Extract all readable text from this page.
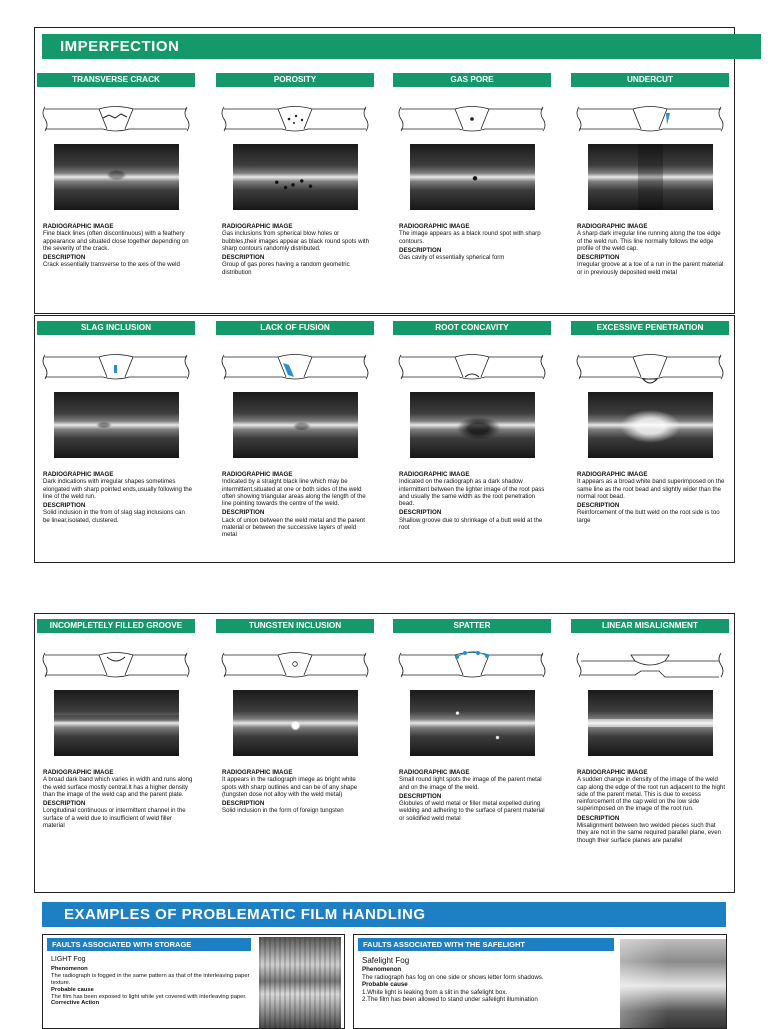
IMPERFECTION
TRANSVERSE CRACK

RADIOGRAPHIC IMAGE

Fine black lines (often discontinuous) with a feathery appearance and situated close together depending on the severity of the crack.

DESCRIPTION

Crack essentially transverse to the axis of the weld

POROSITY

RADIOGRAPHIC IMAGE

Gas inclusions from spherical blow holes or bubbles,their images appear as black round spots with sharp contours randomly distributed.

DESCRIPTION

Group of gas pores having a random geometric distribution

GAS PORE

RADIOGRAPHIC IMAGE

The image appears as a black round spot with sharp contours.

DESCRIPTION

Gas cavity of essentially spherical form

UNDERCUT

RADIOGRAPHIC IMAGE

A sharp dark irregular line running along the toe edge of the weld run. This line normally follows the edge profile of the weld cap.

DESCRIPTION

Irregular groove at a toe of a run in the parent material or in previously deposited weld metal

SLAG INCLUSION

RADIOGRAPHIC IMAGE

Dark indications with irregular shapes sometimes elongated with sharp pointed ends,usually following the line of the weld run.

DESCRIPTION

Solid inclusion in the from of slag slag inclusions can be linear,isolated, clustered.

LACK OF FUSION

RADIOGRAPHIC IMAGE

Indicated by a straight black line which may be intermittent,situated at one or both sides of the weld often showing triangular areas along the length of the line pointing towards the centre of the weld.

DESCRIPTION

Lack of union between the weld metal and the parent material or between the successive layers of weld metal

ROOT CONCAVITY

RADIOGRAPHIC IMAGE

Indicated on the radiograph as a dark shadow intermittent between the lighter image of the root pass and usually the same width as the root penetration bead.

DESCRIPTION

Shallow groove due to shrinkage of a butt weld at the root

EXCESSIVE PENETRATION

RADIOGRAPHIC IMAGE

It appears as a broad white band superimposed on the same line as the root bead and slightly wider than the normal root bead.

DESCRIPTION

Reinforcement of the butt weld on the root side is too large

INCOMPLETELY FILLED GROOVE

RADIOGRAPHIC IMAGE

A broad dark band which varies in width and runs along the weld surface mostly central.It has a higher density than the image of the weld cap and the parent plate.

DESCRIPTION

Longitudinal continuous or intermittent channel in the surface of a weld due to insufficient of weld filler material

TUNGSTEN INCLUSION

RADIOGRAPHIC IMAGE

It appears in the radiograph imege as bright white spots with sharp outlines and can be of any shape (tungsten dose not alloy with the weld metal)

DESCRIPTION

Solid inclusion in the form of foreign tungsten

SPATTER

RADIOGRAPHIC IMAGE

Small round light spots the image of the parent metal and on the image of the weld.

DESCRIPTION

Globules of weld metal or filler metal expelled during welding and adhering to the surface of parent material or solidified weld metal

LINEAR MISALIGNMENT

RADIOGRAPHIC IMAGE

A sudden change in density of the image of the weld cap along the edge of the root run adjacent to the hight side of the parent metal. This is due to excess reinforcement of the cap weld on the low side superimposed on the image of the root run.

DESCRIPTION

Misalignment between two welded pieces such that they are not in the same required parallel plane, even though their surface planes are parallel

EXAMPLES OF PROBLEMATIC FILM HANDLING
FAULTS ASSOCIATED WITH STORAGE
LIGHT Fog
Phenomenon
The radiograph is fogged in the same pattern as that of the interleaving paper texture.
Probable cause
The film has been exposed to light while yet covered with interleaving paper.
Corrective Action
FAULTS ASSOCIATED WITH THE SAFELIGHT
Safelight Fog
Phenomenon
The radiograph has fog on one side or shows letter form shadows.
Probable cause
1.White light is leaking from a slit in the safelight box.
2.The film has been allowed to stand under safelight illumination
